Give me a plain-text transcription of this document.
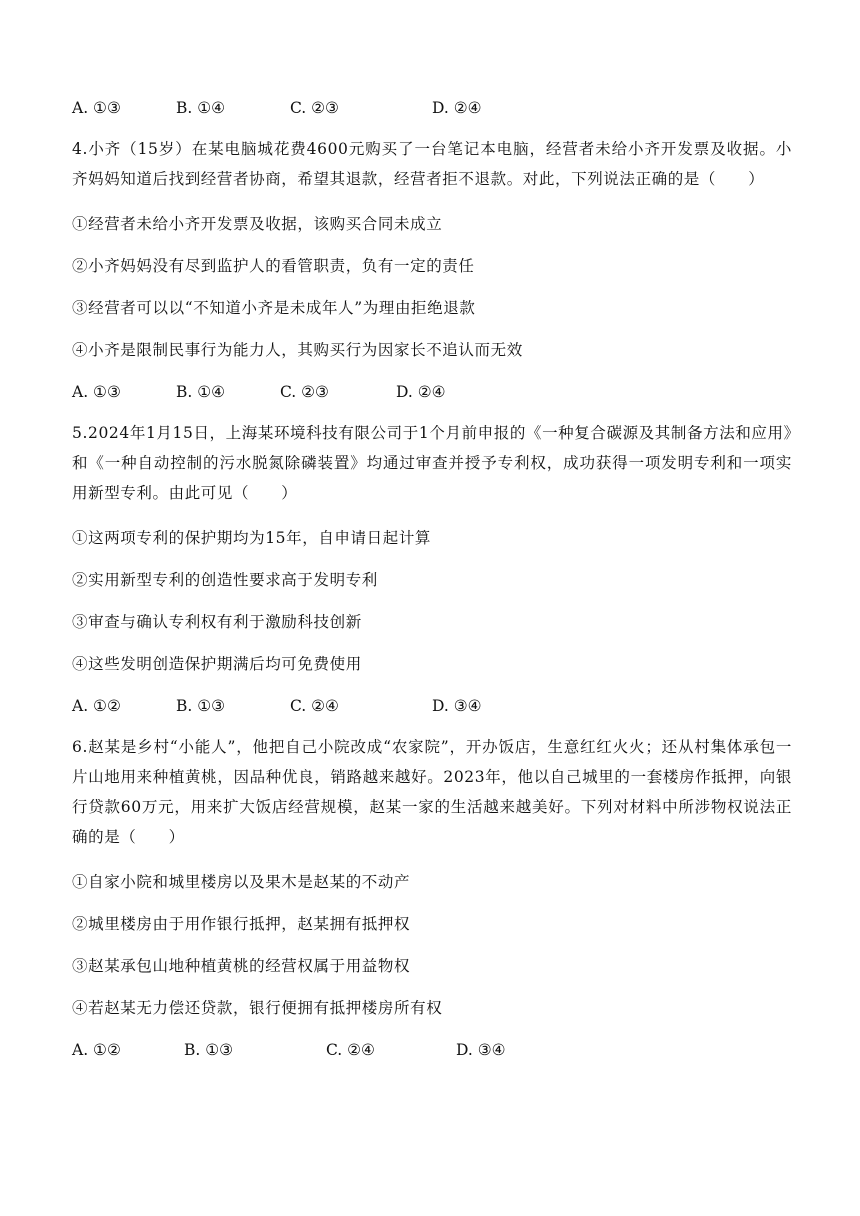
A. ①③	B. ①④	C. ②③	D. ②④
4.小齐（15岁）在某电脑城花费4600元购买了一台笔记本电脑，经营者未给小齐开发票及收据。小齐妈妈知道后找到经营者协商，希望其退款，经营者拒不退款。对此，下列说法正确的是（　　）
①经营者未给小齐开发票及收据，该购买合同未成立
②小齐妈妈没有尽到监护人的看管职责，负有一定的责任
③经营者可以以“不知道小齐是未成年人”为理由拒绝退款
④小齐是限制民事行为能力人，其购买行为因家长不追认而无效
A. ①③	B. ①④	C. ②③	D. ②④
5.2024年1月15日，上海某环境科技有限公司于1个月前申报的《一种复合碳源及其制备方法和应用》和《一种自动控制的污水脱氮除磷装置》均通过审查并授予专利权，成功获得一项发明专利和一项实用新型专利。由此可见（　　）
①这两项专利的保护期均为15年，自申请日起计算
②实用新型专利的创造性要求高于发明专利
③审查与确认专利权有利于激励科技创新
④这些发明创造保护期满后均可免费使用
A. ①②	B. ①③	C. ②④	D. ③④
6.赵某是乡村“小能人”，他把自己小院改成“农家院”，开办饭店，生意红红火火；还从村集体承包一片山地用来种植黄桃，因品种优良，销路越来越好。2023年，他以自己城里的一套楼房作抵押，向银行贷款60万元，用来扩大饭店经营规模，赵某一家的生活越来越美好。下列对材料中所涉物权说法正确的是（　　）
①自家小院和城里楼房以及果木是赵某的不动产
②城里楼房由于用作银行抵押，赵某拥有抵押权
③赵某承包山地种植黄桃的经营权属于用益物权
④若赵某无力偿还贷款，银行便拥有抵押楼房所有权
A. ①②	B. ①③	C. ②④	D. ③④
